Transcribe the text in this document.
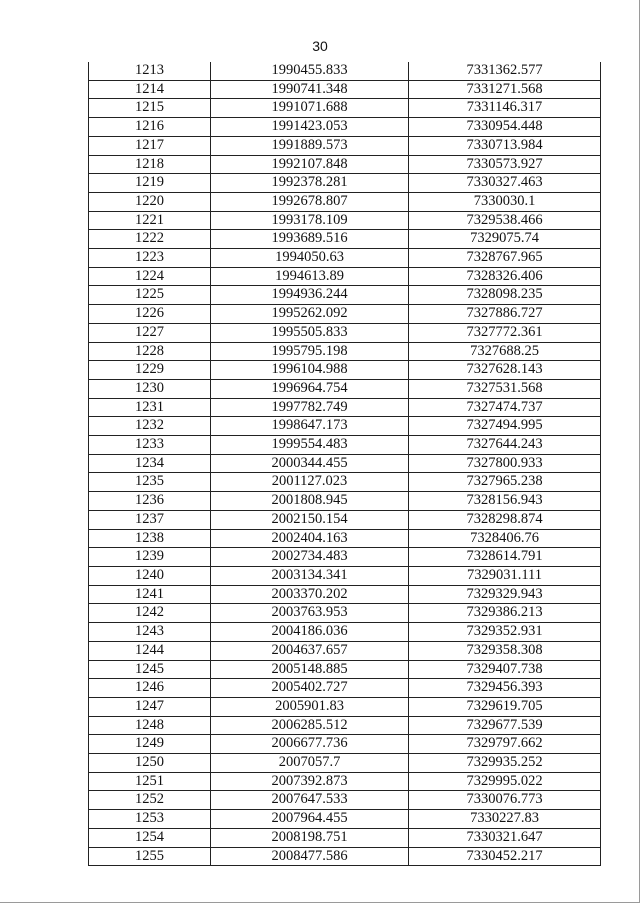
30
1213	1990455.833	7331362.577
1214	1990741.348	7331271.568
1215	1991071.688	7331146.317
1216	1991423.053	7330954.448
1217	1991889.573	7330713.984
1218	1992107.848	7330573.927
1219	1992378.281	7330327.463
1220	1992678.807	7330030.1
1221	1993178.109	7329538.466
1222	1993689.516	7329075.74
1223	1994050.63	7328767.965
1224	1994613.89	7328326.406
1225	1994936.244	7328098.235
1226	1995262.092	7327886.727
1227	1995505.833	7327772.361
1228	1995795.198	7327688.25
1229	1996104.988	7327628.143
1230	1996964.754	7327531.568
1231	1997782.749	7327474.737
1232	1998647.173	7327494.995
1233	1999554.483	7327644.243
1234	2000344.455	7327800.933
1235	2001127.023	7327965.238
1236	2001808.945	7328156.943
1237	2002150.154	7328298.874
1238	2002404.163	7328406.76
1239	2002734.483	7328614.791
1240	2003134.341	7329031.111
1241	2003370.202	7329329.943
1242	2003763.953	7329386.213
1243	2004186.036	7329352.931
1244	2004637.657	7329358.308
1245	2005148.885	7329407.738
1246	2005402.727	7329456.393
1247	2005901.83	7329619.705
1248	2006285.512	7329677.539
1249	2006677.736	7329797.662
1250	2007057.7	7329935.252
1251	2007392.873	7329995.022
1252	2007647.533	7330076.773
1253	2007964.455	7330227.83
1254	2008198.751	7330321.647
1255	2008477.586	7330452.217
